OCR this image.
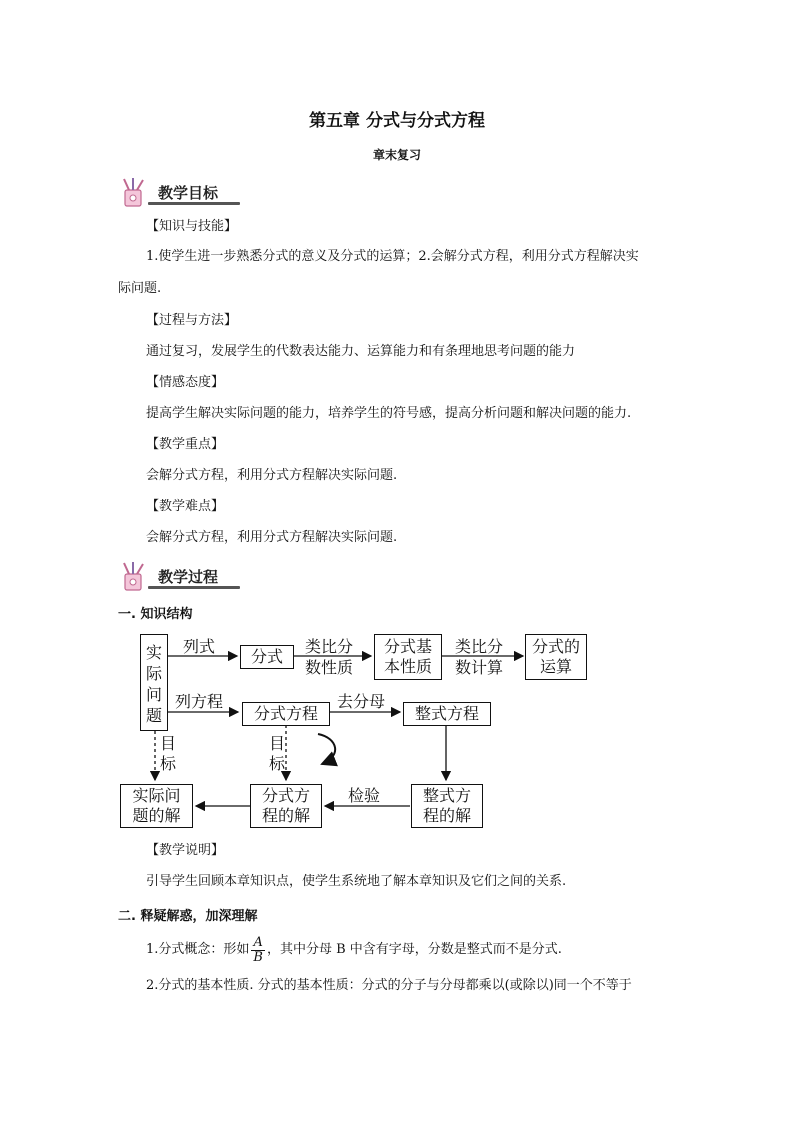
第五章 分式与分式方程
章末复习
教学目标
【知识与技能】
1.使学生进一步熟悉分式的意义及分式的运算；2.会解分式方程，利用分式方程解决实
际问题.
【过程与方法】
通过复习，发展学生的代数表达能力、运算能力和有条理地思考问题的能力
【情感态度】
提高学生解决实际问题的能力，培养学生的符号感，提高分析问题和解决问题的能力.
【教学重点】
会解分式方程，利用分式方程解决实际问题.
【教学难点】
会解分式方程，利用分式方程解决实际问题.
教学过程
一. 知识结构
实际问题
分式
分式基
本性质
分式的
运算
分式方程	整式方程
实际问
题的解
分式方
程的解
整式方
程的解
列式	类比分
数性质
类比分
数计算
列方程	去分母
目标
目标
检验
【教学说明】
引导学生回顾本章知识点，使学生系统地了解本章知识及它们之间的关系.
二. 释疑解惑，加深理解
1.分式概念：形如 $\frac{A}{B}$ ，其中分母 B 中含有字母，分数是整式而不是分式.
2.分式的基本性质. 分式的基本性质：分式的分子与分母都乘以(或除以)同一个不等于
